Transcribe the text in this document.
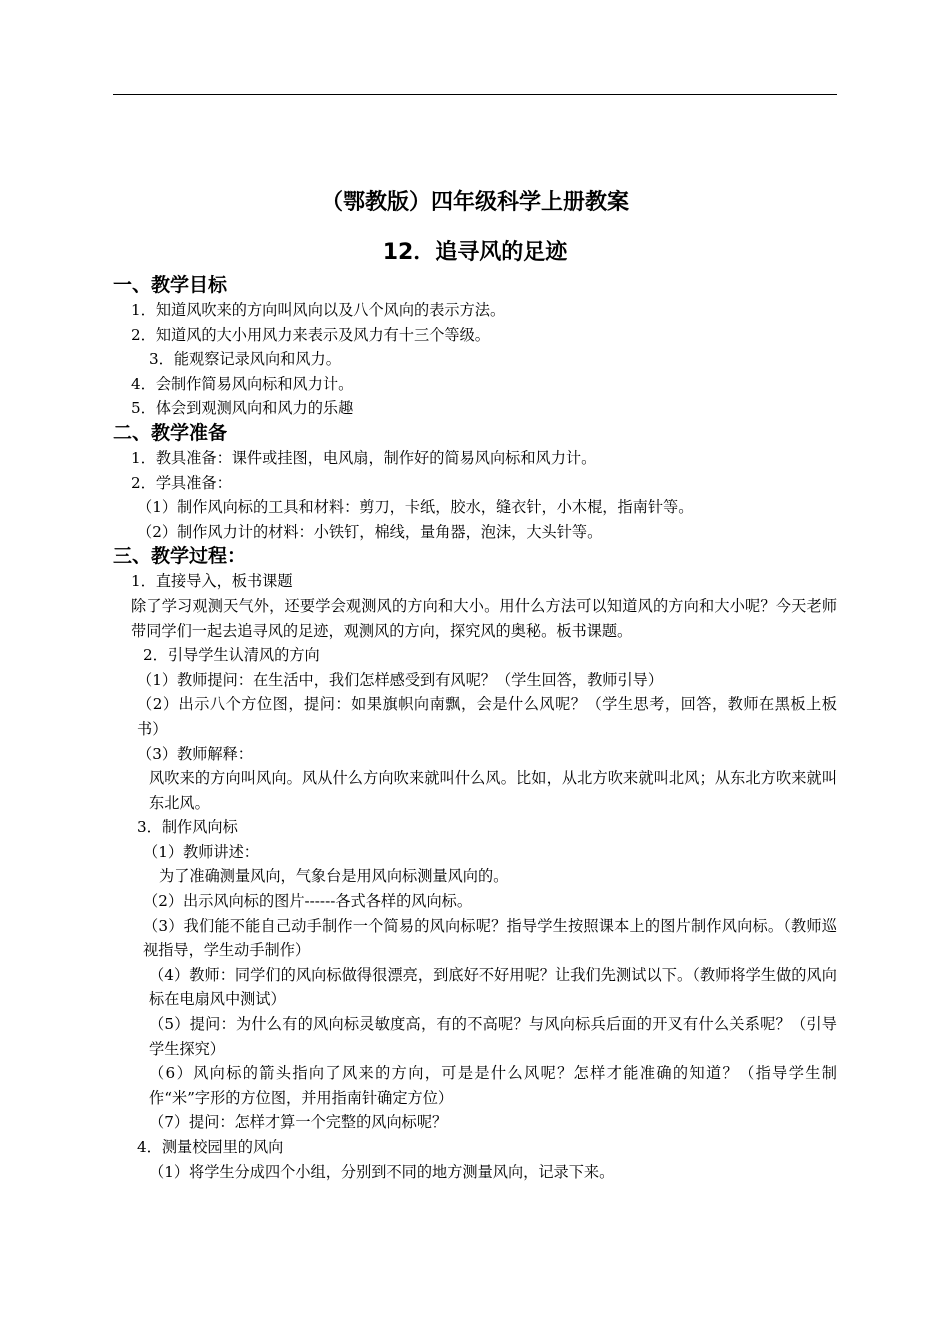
（鄂教版）四年级科学上册教案
12．追寻风的足迹
一、教学目标

1．知道风吹来的方向叫风向以及八个风向的表示方法。

2．知道风的大小用风力来表示及风力有十三个等级。

3．能观察记录风向和风力。

4．会制作简易风向标和风力计。

5．体会到观测风向和风力的乐趣

二、教学准备

1．教具准备：课件或挂图，电风扇，制作好的简易风向标和风力计。

2．学具准备：

（1）制作风向标的工具和材料：剪刀，卡纸，胶水，缝衣针，小木棍，指南针等。

（2）制作风力计的材料：小铁钉，棉线，量角器，泡沫，大头针等。

三、教学过程：

1．直接导入，板书课题

除了学习观测天气外，还要学会观测风的方向和大小。用什么方法可以知道风的方向和大小呢？今天老师带同学们一起去追寻风的足迹，观测风的方向，探究风的奥秘。板书课题。

2．引导学生认清风的方向

（1）教师提问：在生活中，我们怎样感受到有风呢？（学生回答，教师引导）

（2）出示八个方位图，提问：如果旗帜向南飘，会是什么风呢？（学生思考，回答，教师在黑板上板书）

（3）教师解释：

风吹来的方向叫风向。风从什么方向吹来就叫什么风。比如，从北方吹来就叫北风；从东北方吹来就叫东北风。

3．制作风向标

（1）教师讲述：

为了准确测量风向，气象台是用风向标测量风向的。

（2）出示风向标的图片------各式各样的风向标。

（3）我们能不能自己动手制作一个简易的风向标呢？指导学生按照课本上的图片制作风向标。（教师巡视指导，学生动手制作）

（4）教师：同学们的风向标做得很漂亮，到底好不好用呢？让我们先测试以下。（教师将学生做的风向标在电扇风中测试）

（5）提问：为什么有的风向标灵敏度高，有的不高呢？与风向标兵后面的开叉有什么关系呢？（引导学生探究）

（6）风向标的箭头指向了风来的方向，可是是什么风呢？怎样才能准确的知道？（指导学生制作“米”字形的方位图，并用指南针确定方位）

（7）提问：怎样才算一个完整的风向标呢？

4．测量校园里的风向

（1）将学生分成四个小组，分别到不同的地方测量风向，记录下来。
